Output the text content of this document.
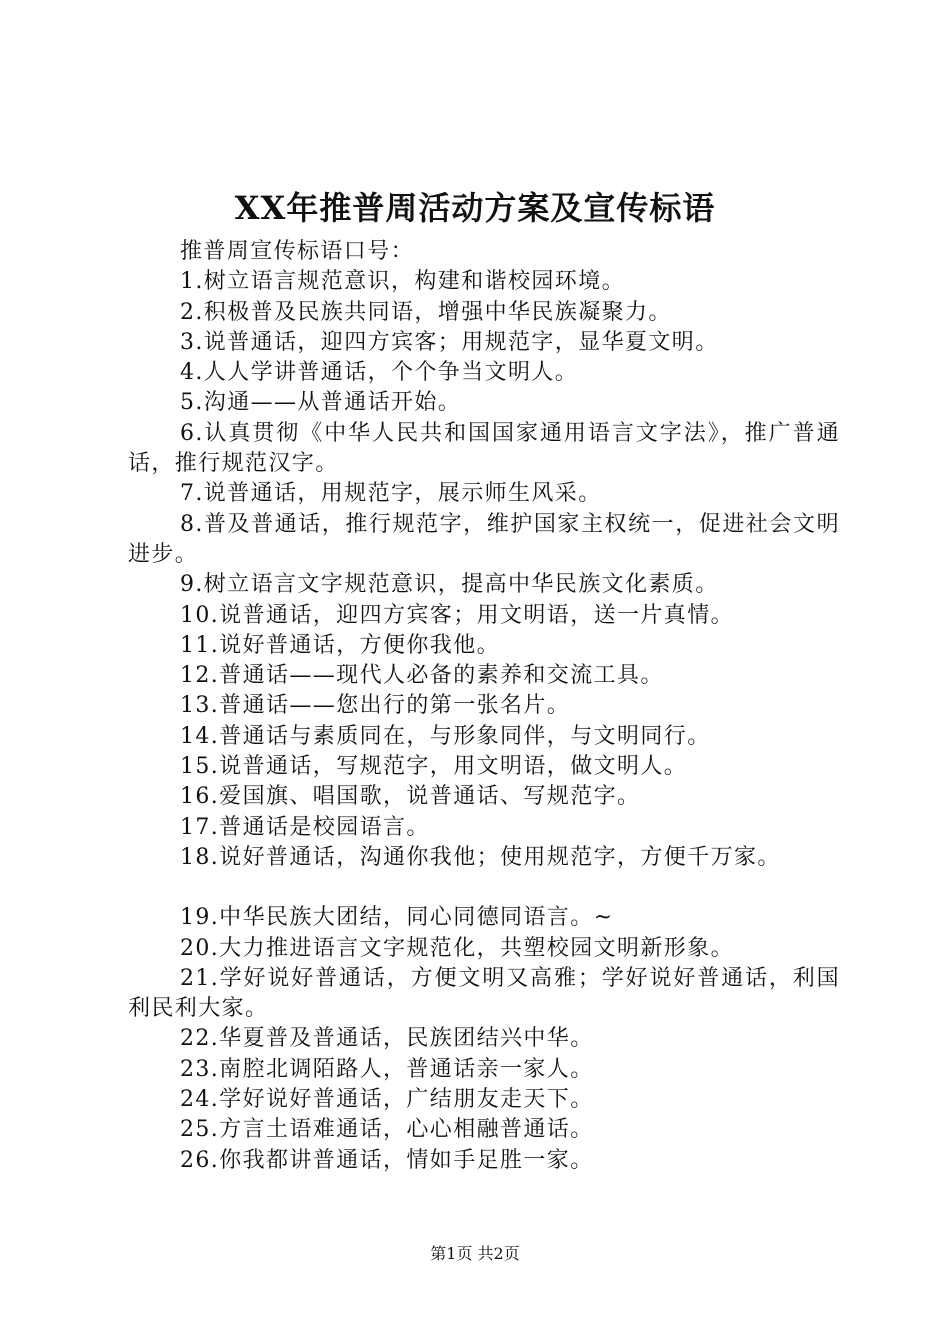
XX年推普周活动方案及宣传标语
推普周宣传标语口号：
1.树立语言规范意识，构建和谐校园环境。
2.积极普及民族共同语，增强中华民族凝聚力。
3.说普通话，迎四方宾客；用规范字，显华夏文明。
4.人人学讲普通话，个个争当文明人。
5.沟通——从普通话开始。
6.认真贯彻《中华人民共和国国家通用语言文字法》，推广普通话，推行规范汉字。
7.说普通话，用规范字，展示师生风采。
8.普及普通话，推行规范字，维护国家主权统一，促进社会文明进步。
9.树立语言文字规范意识，提高中华民族文化素质。
10.说普通话，迎四方宾客；用文明语，送一片真情。
11.说好普通话，方便你我他。
12.普通话——现代人必备的素养和交流工具。
13.普通话——您出行的第一张名片。
14.普通话与素质同在，与形象同伴，与文明同行。
15.说普通话，写规范字，用文明语，做文明人。
16.爱国旗、唱国歌，说普通话、写规范字。
17.普通话是校园语言。
18.说好普通话，沟通你我他；使用规范字，方便千万家。
19.中华民族大团结，同心同德同语言。~
20.大力推进语言文字规范化，共塑校园文明新形象。
21.学好说好普通话，方便文明又高雅；学好说好普通话，利国利民利大家。
22.华夏普及普通话，民族团结兴中华。
23.南腔北调陌路人，普通话亲一家人。
24.学好说好普通话，广结朋友走天下。
25.方言土语难通话，心心相融普通话。
26.你我都讲普通话，情如手足胜一家。
第1页 共2页
